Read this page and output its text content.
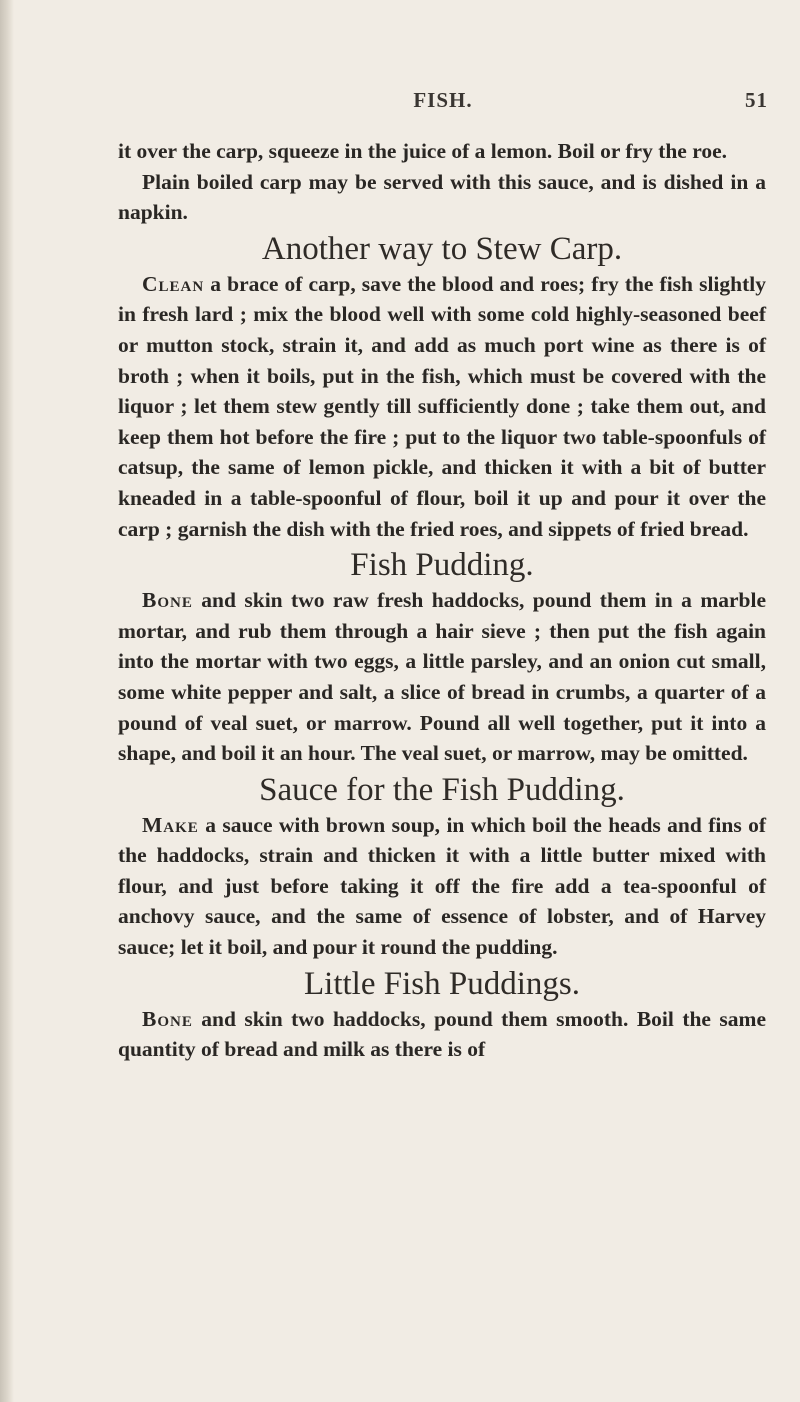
FISH.	51

it over the carp, squeeze in the juice of a lemon. Boil or fry the roe.

Plain boiled carp may be served with this sauce, and is dished in a napkin.

Another way to Stew Carp.

Clean a brace of carp, save the blood and roes; fry the fish slightly in fresh lard ; mix the blood well with some cold highly-seasoned beef or mutton stock, strain it, and add as much port wine as there is of broth ; when it boils, put in the fish, which must be covered with the liquor ; let them stew gently till sufficiently done ; take them out, and keep them hot before the fire ; put to the liquor two table-spoonfuls of catsup, the same of lemon pickle, and thicken it with a bit of butter kneaded in a table-spoonful of flour, boil it up and pour it over the carp ; garnish the dish with the fried roes, and sippets of fried bread.

Fish Pudding.

Bone and skin two raw fresh haddocks, pound them in a marble mortar, and rub them through a hair sieve ; then put the fish again into the mortar with two eggs, a little parsley, and an onion cut small, some white pepper and salt, a slice of bread in crumbs, a quarter of a pound of veal suet, or marrow. Pound all well together, put it into a shape, and boil it an hour. The veal suet, or marrow, may be omitted.

Sauce for the Fish Pudding.

Make a sauce with brown soup, in which boil the heads and fins of the haddocks, strain and thicken it with a little butter mixed with flour, and just before taking it off the fire add a tea-spoonful of anchovy sauce, and the same of essence of lobster, and of Harvey sauce; let it boil, and pour it round the pudding.

Little Fish Puddings.

Bone and skin two haddocks, pound them smooth. Boil the same quantity of bread and milk as there is of
